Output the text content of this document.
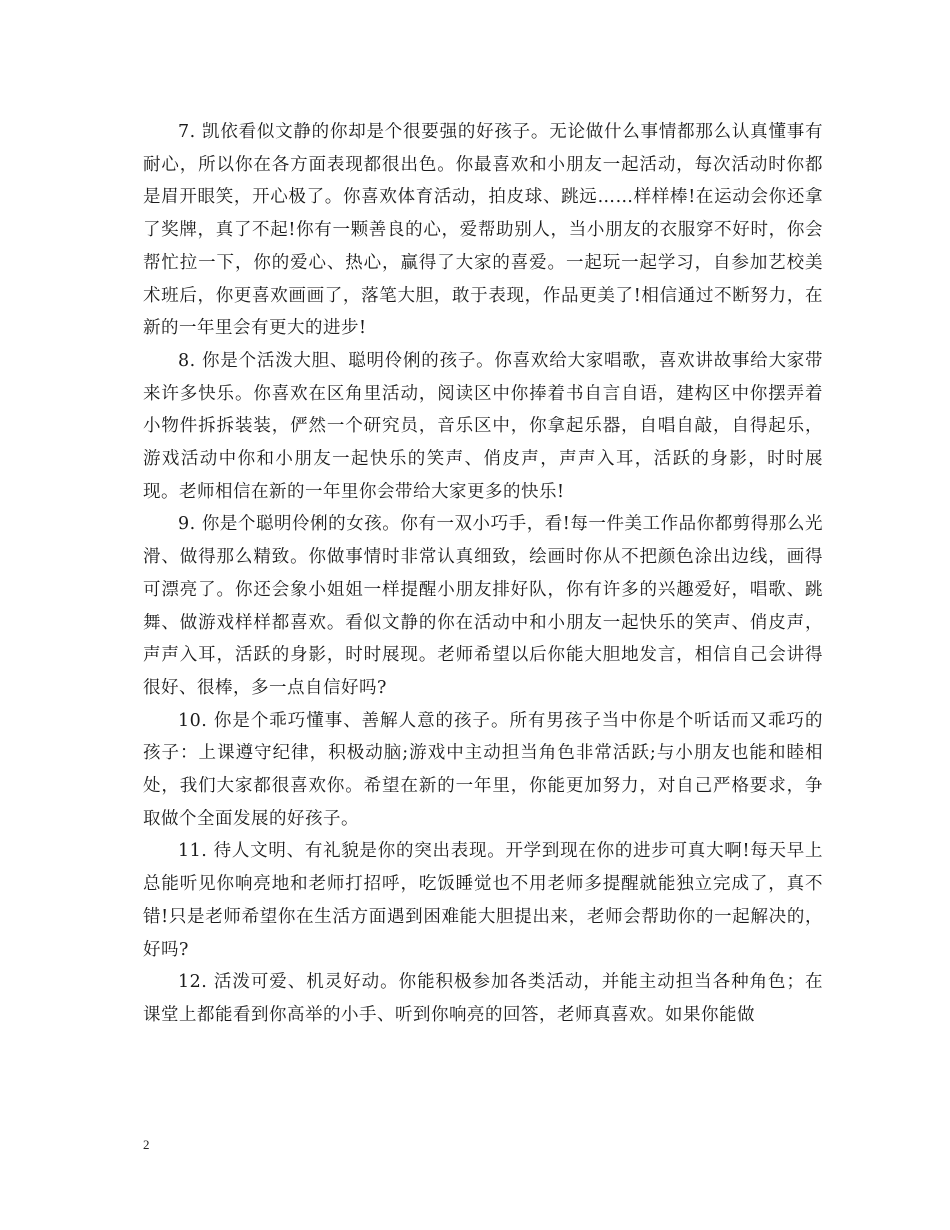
7. 凯依看似文静的你却是个很要强的好孩子。无论做什么事情都那么认真懂事有耐心，所以你在各方面表现都很出色。你最喜欢和小朋友一起活动，每次活动时你都是眉开眼笑，开心极了。你喜欢体育活动，拍皮球、跳远……样样棒!在运动会你还拿了奖牌，真了不起!你有一颗善良的心，爱帮助别人，当小朋友的衣服穿不好时，你会帮忙拉一下，你的爱心、热心，赢得了大家的喜爱。一起玩一起学习，自参加艺校美术班后，你更喜欢画画了，落笔大胆，敢于表现，作品更美了!相信通过不断努力，在新的一年里会有更大的进步!

8. 你是个活泼大胆、聪明伶俐的孩子。你喜欢给大家唱歌，喜欢讲故事给大家带来许多快乐。你喜欢在区角里活动，阅读区中你捧着书自言自语，建构区中你摆弄着小物件拆拆装装，俨然一个研究员，音乐区中，你拿起乐器，自唱自敲，自得起乐，游戏活动中你和小朋友一起快乐的笑声、俏皮声，声声入耳，活跃的身影，时时展现。老师相信在新的一年里你会带给大家更多的快乐!

9. 你是个聪明伶俐的女孩。你有一双小巧手，看!每一件美工作品你都剪得那么光滑、做得那么精致。你做事情时非常认真细致，绘画时你从不把颜色涂出边线，画得可漂亮了。你还会象小姐姐一样提醒小朋友排好队，你有许多的兴趣爱好，唱歌、跳舞、做游戏样样都喜欢。看似文静的你在活动中和小朋友一起快乐的笑声、俏皮声，声声入耳，活跃的身影，时时展现。老师希望以后你能大胆地发言，相信自己会讲得很好、很棒，多一点自信好吗?

10. 你是个乖巧懂事、善解人意的孩子。所有男孩子当中你是个听话而又乖巧的孩子：上课遵守纪律，积极动脑;游戏中主动担当角色非常活跃;与小朋友也能和睦相处，我们大家都很喜欢你。希望在新的一年里，你能更加努力，对自己严格要求，争取做个全面发展的好孩子。

11. 待人文明、有礼貌是你的突出表现。开学到现在你的进步可真大啊!每天早上总能听见你响亮地和老师打招呼，吃饭睡觉也不用老师多提醒就能独立完成了，真不错!只是老师希望你在生活方面遇到困难能大胆提出来，老师会帮助你的一起解决的，好吗?

12. 活泼可爱、机灵好动。你能积极参加各类活动，并能主动担当各种角色；在课堂上都能看到你高举的小手、听到你响亮的回答，老师真喜欢。如果你能做

2
